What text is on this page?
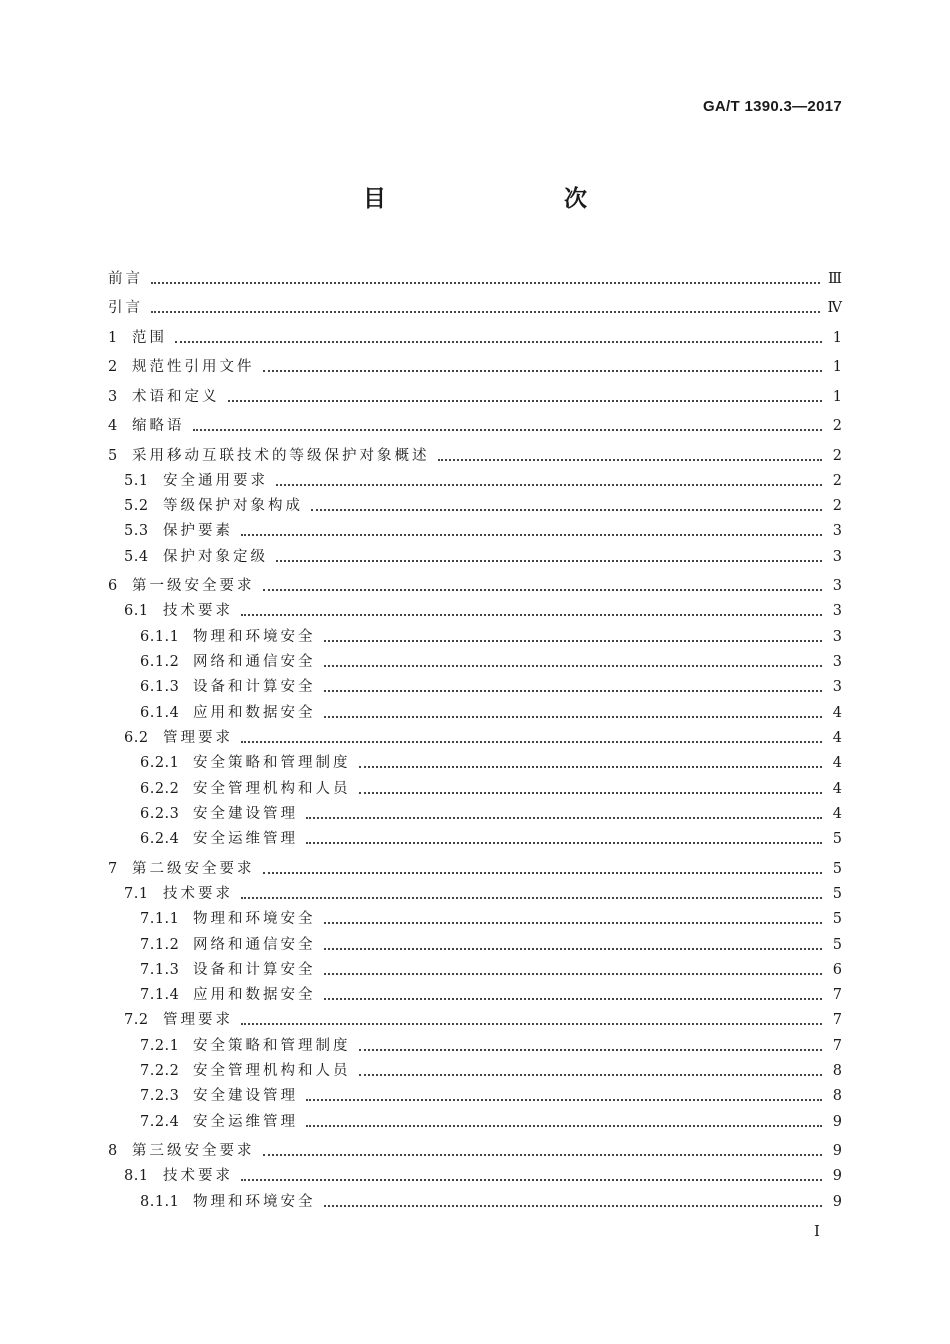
GA/T 1390.3—2017
目　　次
前言	Ⅲ
引言	Ⅳ
1 范围	1
2 规范性引用文件	1
3 术语和定义	1
4 缩略语	2
5 采用移动互联技术的等级保护对象概述	2
5.1 安全通用要求	2
5.2 等级保护对象构成	2
5.3 保护要素	3
5.4 保护对象定级	3
6 第一级安全要求	3
6.1 技术要求	3
6.1.1 物理和环境安全	3
6.1.2 网络和通信安全	3
6.1.3 设备和计算安全	3
6.1.4 应用和数据安全	4
6.2 管理要求	4
6.2.1 安全策略和管理制度	4
6.2.2 安全管理机构和人员	4
6.2.3 安全建设管理	4
6.2.4 安全运维管理	5
7 第二级安全要求	5
7.1 技术要求	5
7.1.1 物理和环境安全	5
7.1.2 网络和通信安全	5
7.1.3 设备和计算安全	6
7.1.4 应用和数据安全	7
7.2 管理要求	7
7.2.1 安全策略和管理制度	7
7.2.2 安全管理机构和人员	8
7.2.3 安全建设管理	8
7.2.4 安全运维管理	9
8 第三级安全要求	9
8.1 技术要求	9
8.1.1 物理和环境安全	9
I
